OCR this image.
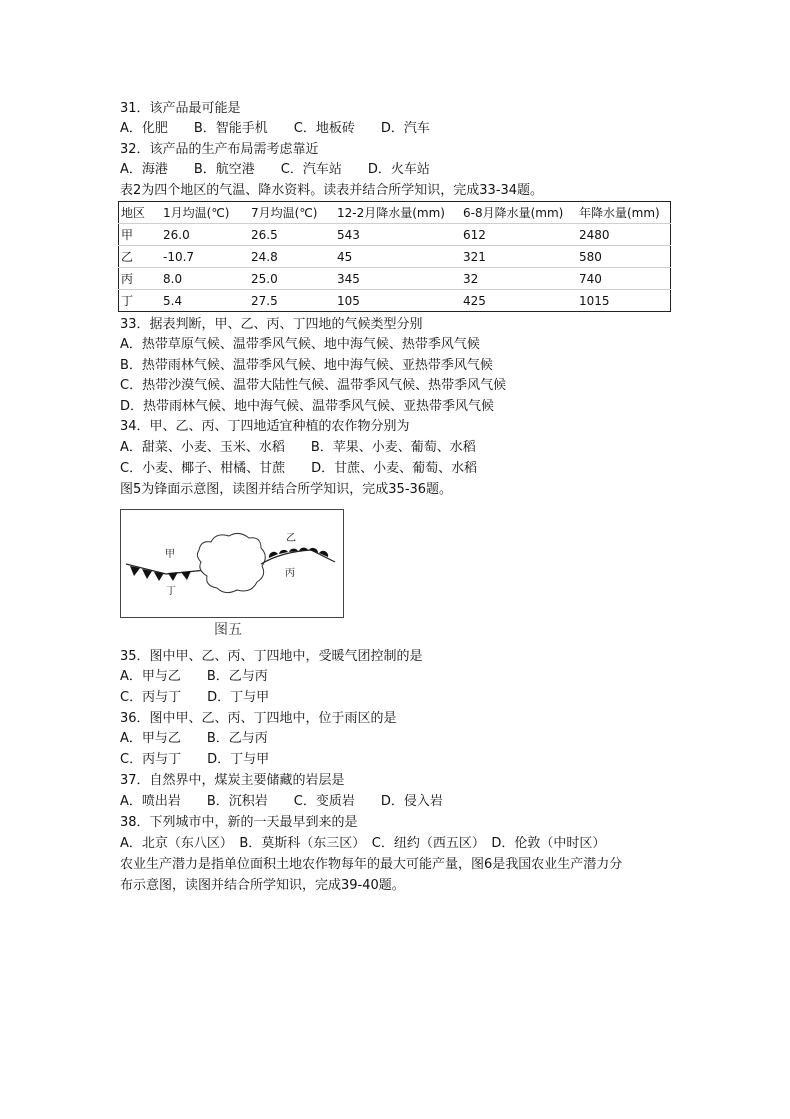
31．该产品最可能是
A．化肥　　B．智能手机　　C．地板砖　　D．汽车
32．该产品的生产布局需考虑靠近
A．海港　　B．航空港　　C．汽车站　　D．火车站
表2为四个地区的气温、降水资料。读表并结合所学知识，完成33-34题。
地区	1月均温(℃)	7月均温(℃)	12-2月降水量(mm)	6-8月降水量(mm)	年降水量(mm)
甲	26.0	26.5	543	612	2480
乙	-10.7	24.8	45	321	580
丙	8.0	25.0	345	32	740
丁	5.4	27.5	105	425	1015
33．据表判断，甲、乙、丙、丁四地的气候类型分别
A．热带草原气候、温带季风气候、地中海气候、热带季风气候
B．热带雨林气候、温带季风气候、地中海气候、亚热带季风气候
C．热带沙漠气候、温带大陆性气候、温带季风气候、热带季风气候
D．热带雨林气候、地中海气候、温带季风气候、亚热带季风气候
34．甲、乙、丙、丁四地适宜种植的农作物分别为
A．甜菜、小麦、玉米、水稻　　B．苹果、小麦、葡萄、水稻
C．小麦、椰子、柑橘、甘蔗　　D．甘蔗、小麦、葡萄、水稻
图5为锋面示意图，读图并结合所学知识，完成35-36题。
甲
丁
乙
丙
图五
35．图中甲、乙、丙、丁四地中，受暖气团控制的是
A．甲与乙　　B．乙与丙
C．丙与丁　　D．丁与甲
36．图中甲、乙、丙、丁四地中，位于雨区的是
A．甲与乙　　B．乙与丙
C．丙与丁　　D．丁与甲
37．自然界中，煤炭主要储藏的岩层是
A．喷出岩　　B．沉积岩　　C．变质岩　　D．侵入岩
38．下列城市中，新的一天最早到来的是
A．北京（东八区）　B．莫斯科（东三区）　C．纽约（西五区）　D．伦敦（中时区）
农业生产潜力是指单位面积土地农作物每年的最大可能产量，图6是我国农业生产潜力分
布示意图，读图并结合所学知识，完成39-40题。
